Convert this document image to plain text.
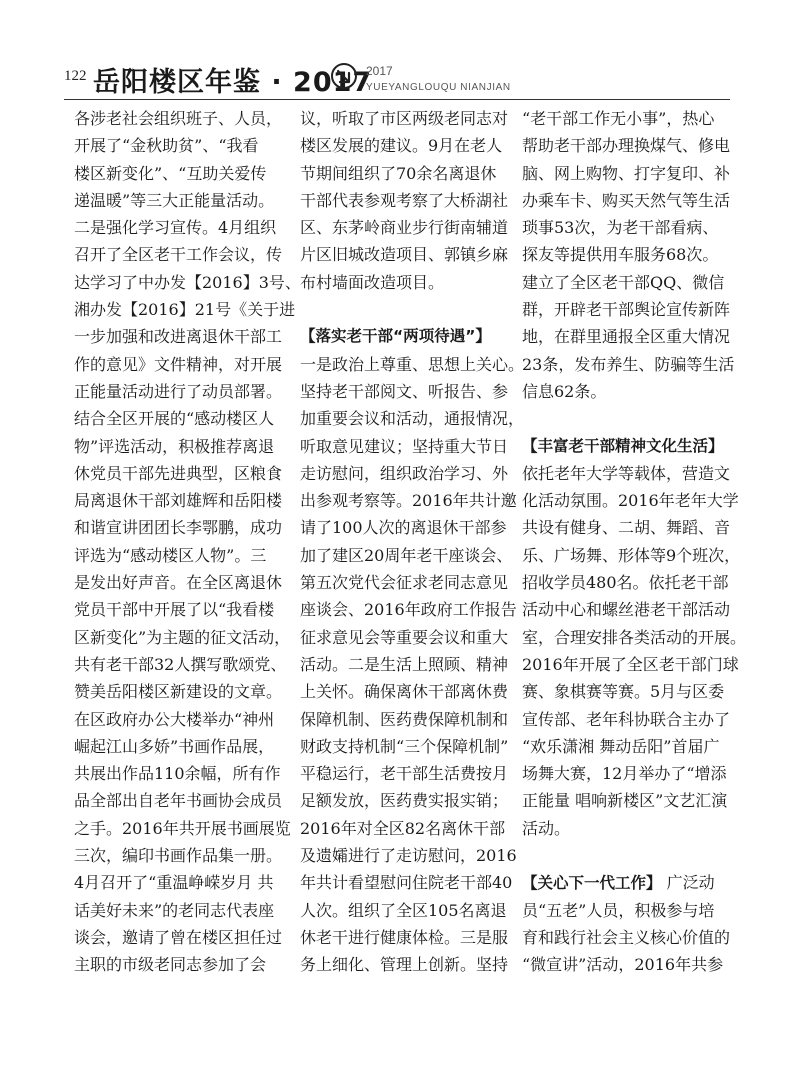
122 岳阳楼区年鉴 · 2017
2017
YUEYANGLOUQU NIANJIAN
各涉老社会组织班子、人员，
开展了“金秋助贫”、“我看
楼区新变化”、“互助关爱传
递温暖”等三大正能量活动。
二是强化学习宣传。4月组织
召开了全区老干工作会议，传
达学习了中办发【2016】3号、
湘办发【2016】21号《关于进
一步加强和改进离退休干部工
作的意见》文件精神，对开展
正能量活动进行了动员部署。
结合全区开展的“感动楼区人
物”评选活动，积极推荐离退
休党员干部先进典型，区粮食
局离退休干部刘雄辉和岳阳楼
和谐宣讲团团长李鄂鹏，成功
评选为“感动楼区人物”。三
是发出好声音。在全区离退休
党员干部中开展了以“我看楼
区新变化”为主题的征文活动，
共有老干部32人撰写歌颂党、
赞美岳阳楼区新建设的文章。
在区政府办公大楼举办“神州
崛起江山多娇”书画作品展，
共展出作品110余幅，所有作
品全部出自老年书画协会成员
之手。2016年共开展书画展览
三次，编印书画作品集一册。
4月召开了“重温峥嵘岁月 共
话美好未来”的老同志代表座
谈会，邀请了曾在楼区担任过
主职的市级老同志参加了会
议，听取了市区两级老同志对
楼区发展的建议。9月在老人
节期间组织了70余名离退休
干部代表参观考察了大桥湖社
区、东茅岭商业步行街南辅道
片区旧城改造项目、郭镇乡麻
布村墙面改造项目。
【落实老干部“两项待遇”】
一是政治上尊重、思想上关心。
坚持老干部阅文、听报告、参
加重要会议和活动，通报情况，
听取意见建议；坚持重大节日
走访慰问，组织政治学习、外
出参观考察等。2016年共计邀
请了100人次的离退休干部参
加了建区20周年老干座谈会、
第五次党代会征求老同志意见
座谈会、2016年政府工作报告
征求意见会等重要会议和重大
活动。二是生活上照顾、精神
上关怀。确保离休干部离休费
保障机制、医药费保障机制和
财政支持机制“三个保障机制”
平稳运行，老干部生活费按月
足额发放，医药费实报实销；
2016年对全区82名离休干部
及遗孀进行了走访慰问，2016
年共计看望慰问住院老干部40
人次。组织了全区105名离退
休老干进行健康体检。三是服
务上细化、管理上创新。坚持
“老干部工作无小事”，热心
帮助老干部办理换煤气、修电
脑、网上购物、打字复印、补
办乘车卡、购买天然气等生活
琐事53次，为老干部看病、
探友等提供用车服务68次。
建立了全区老干部QQ、微信
群，开辟老干部舆论宣传新阵
地，在群里通报全区重大情况
23条，发布养生、防骗等生活
信息62条。
【丰富老干部精神文化生活】
依托老年大学等载体，营造文
化活动氛围。2016年老年大学
共设有健身、二胡、舞蹈、音
乐、广场舞、形体等9个班次，
招收学员480名。依托老干部
活动中心和螺丝港老干部活动
室，合理安排各类活动的开展。
2016年开展了全区老干部门球
赛、象棋赛等赛。5月与区委
宣传部、老年科协联合主办了
“欢乐潇湘 舞动岳阳”首届广
场舞大赛，12月举办了“增添
正能量 唱响新楼区”文艺汇演
活动。
【关心下一代工作】 广泛动
员“五老”人员，积极参与培
育和践行社会主义核心价值的
“微宣讲”活动，2016年共参
